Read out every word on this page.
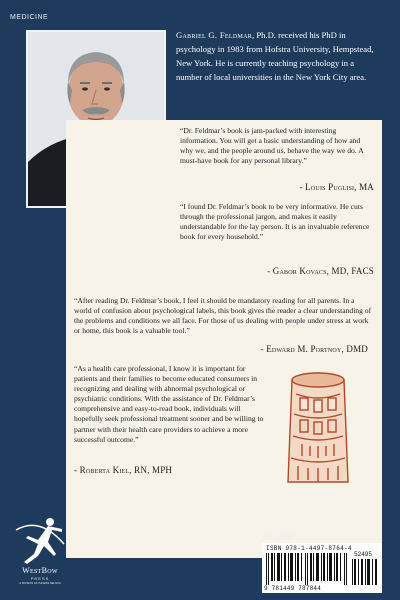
MEDICINE
Gabriel G. Feldmar, Ph.D. received his PhD in psychology in 1983 from Hofstra University, Hempstead, New York. He is currently teaching psychology in a number of local universities in the New York City area.
“Dr. Feldmar’s book is jam-packed with interesting information. You will get a basic understanding of how and why we, and the people around us, behave the way we do. A must-have book for any personal library.”
- Louis Puglisi, MA
“I found Dr. Feldmar’s book to be very informative. He cuts through the professional jargon, and makes it easily understandable for the lay person. It is an invaluable reference book for every household.”
- Gabor Kovacs, MD, FACS
“After reading Dr. Feldmar’s book, I feel it should be mandatory reading for all parents. In a world of confusion about psychological labels, this book gives the reader a clear understanding of the problems and conditions we all face. For those of us dealing with people under stress at work or home, this book is a valuable tool.”
- Edward M. Portnoy, DMD
“As a health care professional, I know it is important for patients and their families to become educated consumers in recognizing and dealing with abnormal psychological or psychiatric conditions. With the assistance of Dr. Feldmar’s comprehensive and easy-to-read book, individuals will hopefully seek professional treatment sooner and be willing to partner with their health care providers to achieve a more successful outcome.”
- Roberta Kiel, RN, MPH
U.S. $24.95
ISBN 978-1-4497-8764-4
52495
9 781449 787844
WestBow
PRESS
A DIVISION OF THOMAS NELSON
